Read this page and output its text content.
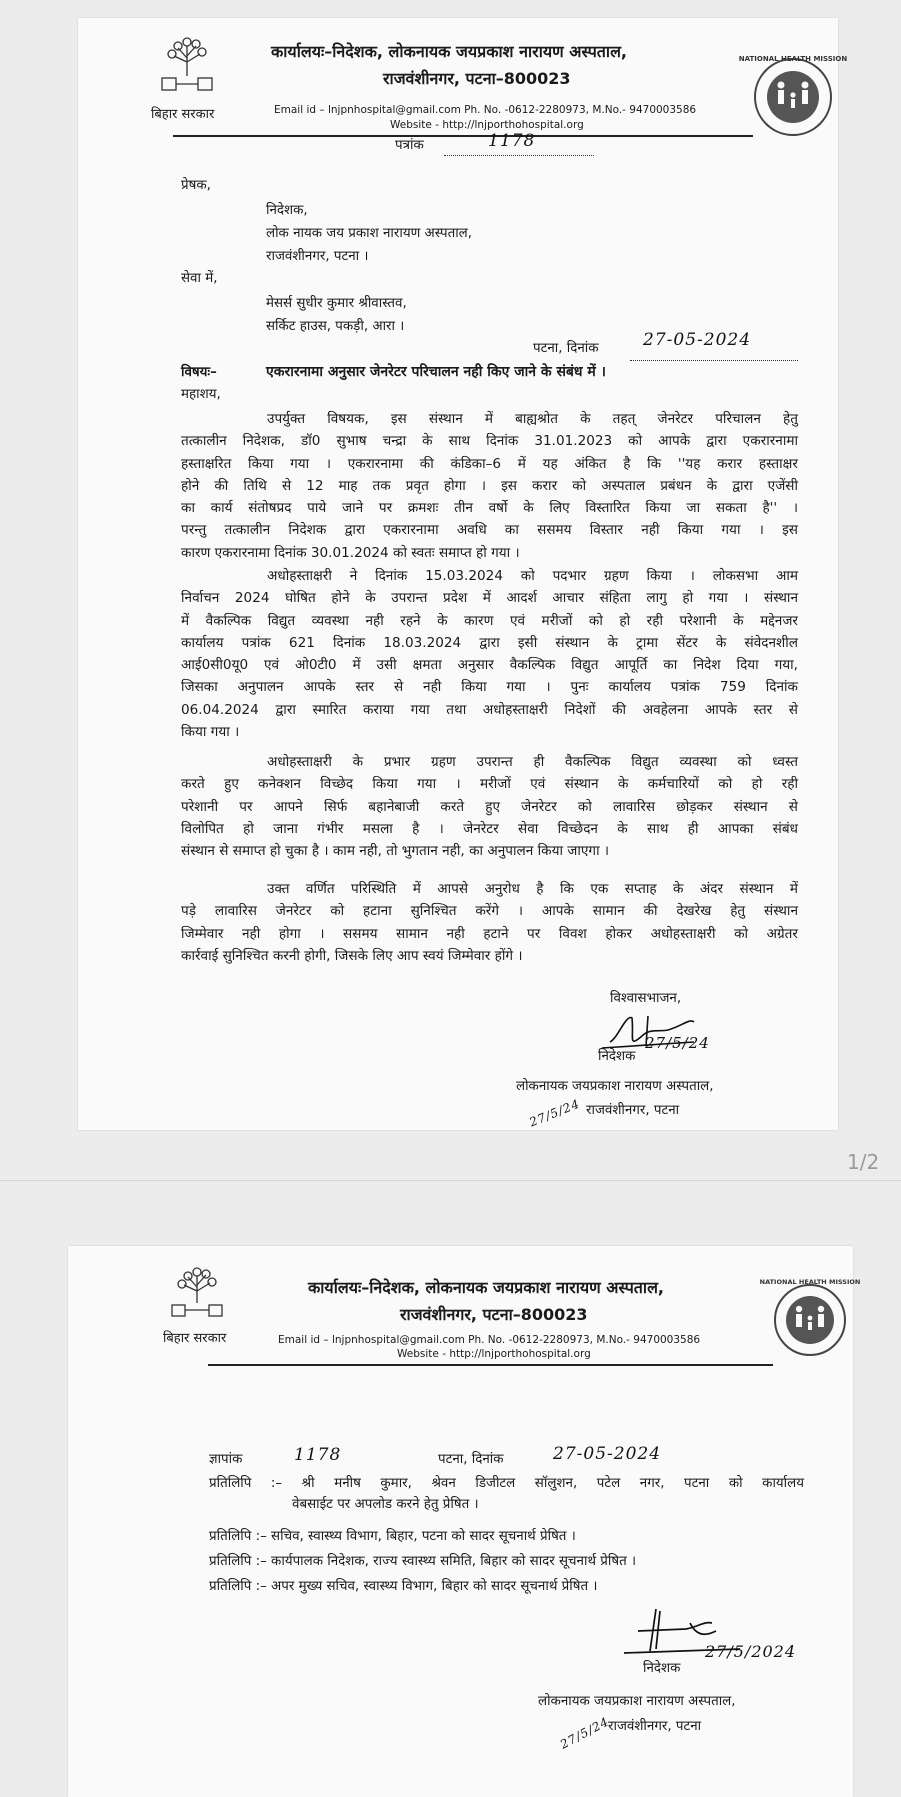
बिहार सरकार
कार्यालयः–निदेशक, लोकनायक जयप्रकाश नारायण अस्पताल,
राजवंशीनगर, पटना–800023
Email id – lnjpnhospital@gmail.com Ph. No. -0612-2280973, M.No.- 9470003586
Website - http://lnjporthohospital.org
NATIONAL HEALTH MISSION
पत्रांक	1178
प्रेषक,
निदेशक,
लोक नायक जय प्रकाश नारायण अस्पताल,
राजवंशीनगर, पटना ।
सेवा में,
मेसर्स सुधीर कुमार श्रीवास्तव,
सर्किट हाउस, पकड़ी, आरा ।
पटना, दिनांक	27-05-2024
विषयः–	एकरारनामा अनुसार जेनरेटर परिचालन नही किए जाने के संबंध में ।
महाशय,
उपर्युक्त विषयक, इस संस्थान में बाह्यश्रोत के तहत् जेनरेटर परिचालन हेतु
तत्कालीन निदेशक, डॉ0 सुभाष चन्द्रा के साथ दिनांक 31.01.2023 को आपके द्वारा एकरारनामा
हस्ताक्षरित किया गया । एकरारनामा की कंडिका–6 में यह अंकित है कि ''यह करार हस्ताक्षर
होने की तिथि से 12 माह तक प्रवृत होगा । इस करार को अस्पताल प्रबंधन के द्वारा एजेंसी
का कार्य संतोषप्रद पाये जाने पर क्रमशः तीन वर्षो के लिए विस्तारित किया जा सकता है'' ।
परन्तु तत्कालीन निदेशक द्वारा एकरारनामा अवधि का ससमय विस्तार नही किया गया । इस
कारण एकरारनामा दिनांक 30.01.2024 को स्वतः समाप्त हो गया ।
अधोहस्ताक्षरी ने दिनांक 15.03.2024 को पदभार ग्रहण किया । लोकसभा आम
निर्वाचन 2024 घोषित होने के उपरान्त प्रदेश में आदर्श आचार संहिता लागु हो गया । संस्थान
में वैकल्पिक विद्युत व्यवस्था नही रहने के कारण एवं मरीजों को हो रही परेशानी के मद्देनजर
कार्यालय पत्रांक 621 दिनांक 18.03.2024 द्वारा इसी संस्थान के ट्रामा सेंटर के संवेदनशील
आई0सी0यू0 एवं ओ0टी0 में उसी क्षमता अनुसार वैकल्पिक विद्युत आपूर्ति का निदेश दिया गया,
जिसका अनुपालन आपके स्तर से नही किया गया । पुनः कार्यालय पत्रांक 759 दिनांक
06.04.2024 द्वारा स्मारित कराया गया तथा अधोहस्ताक्षरी निदेशों की अवहेलना आपके स्तर से
किया गया ।
अधोहस्ताक्षरी के प्रभार ग्रहण उपरान्त ही वैकल्पिक विद्युत व्यवस्था को ध्वस्त
करते हुए कनेक्शन विच्छेद किया गया । मरीजों एवं संस्थान के कर्मचारियों को हो रही
परेशानी पर आपने सिर्फ बहानेबाजी करते हुए जेनरेटर को लावारिस छोड़कर संस्थान से
विलोपित हो जाना गंभीर मसला है । जेनरेटर सेवा विच्छेदन के साथ ही आपका संबंध
संस्थान से समाप्त हो चुका है । काम नही, तो भुगतान नही, का अनुपालन किया जाएगा ।
उक्त वर्णित परिस्थिति में आपसे अनुरोध है कि एक सप्ताह के अंदर संस्थान में
पड़े लावारिस जेनरेटर को हटाना सुनिश्चित करेंगे । आपके सामान की देखरेख हेतु संस्थान
जिम्मेवार नही होगा । ससमय सामान नही हटाने पर विवश होकर अधोहस्ताक्षरी को अग्रेतर
कार्रवाई सुनिश्चित करनी होगी, जिसके लिए आप स्वयं जिम्मेवार होंगे ।
विश्वासभाजन,
निदेशक
27/5/24
लोकनायक जयप्रकाश नारायण अस्पताल,
राजवंशीनगर, पटना
27/5/24
1/2
बिहार सरकार
कार्यालयः–निदेशक, लोकनायक जयप्रकाश नारायण अस्पताल,
राजवंशीनगर, पटना–800023
Email id – lnjpnhospital@gmail.com Ph. No. -0612-2280973, M.No.- 9470003586
Website - http://lnjporthohospital.org
NATIONAL HEALTH MISSION
ज्ञापांक	1178	पटना, दिनांक	27-05-2024
प्रतिलिपि :– श्री मनीष कुमार, श्रेवन डिजीटल सॉलुशन, पटेल नगर, पटना को कार्यालय
वेबसाईट पर अपलोड करने हेतु प्रेषित ।
प्रतिलिपि :– सचिव, स्वास्थ्य विभाग, बिहार, पटना को सादर सूचनार्थ प्रेषित ।
प्रतिलिपि :– कार्यपालक निदेशक, राज्य स्वास्थ्य समिति, बिहार को सादर सूचनार्थ प्रेषित ।
प्रतिलिपि :– अपर मुख्य सचिव, स्वास्थ्य विभाग, बिहार को सादर सूचनार्थ प्रेषित ।
निदेशक
27/5/2024
लोकनायक जयप्रकाश नारायण अस्पताल,
राजवंशीनगर, पटना
27/5/24
